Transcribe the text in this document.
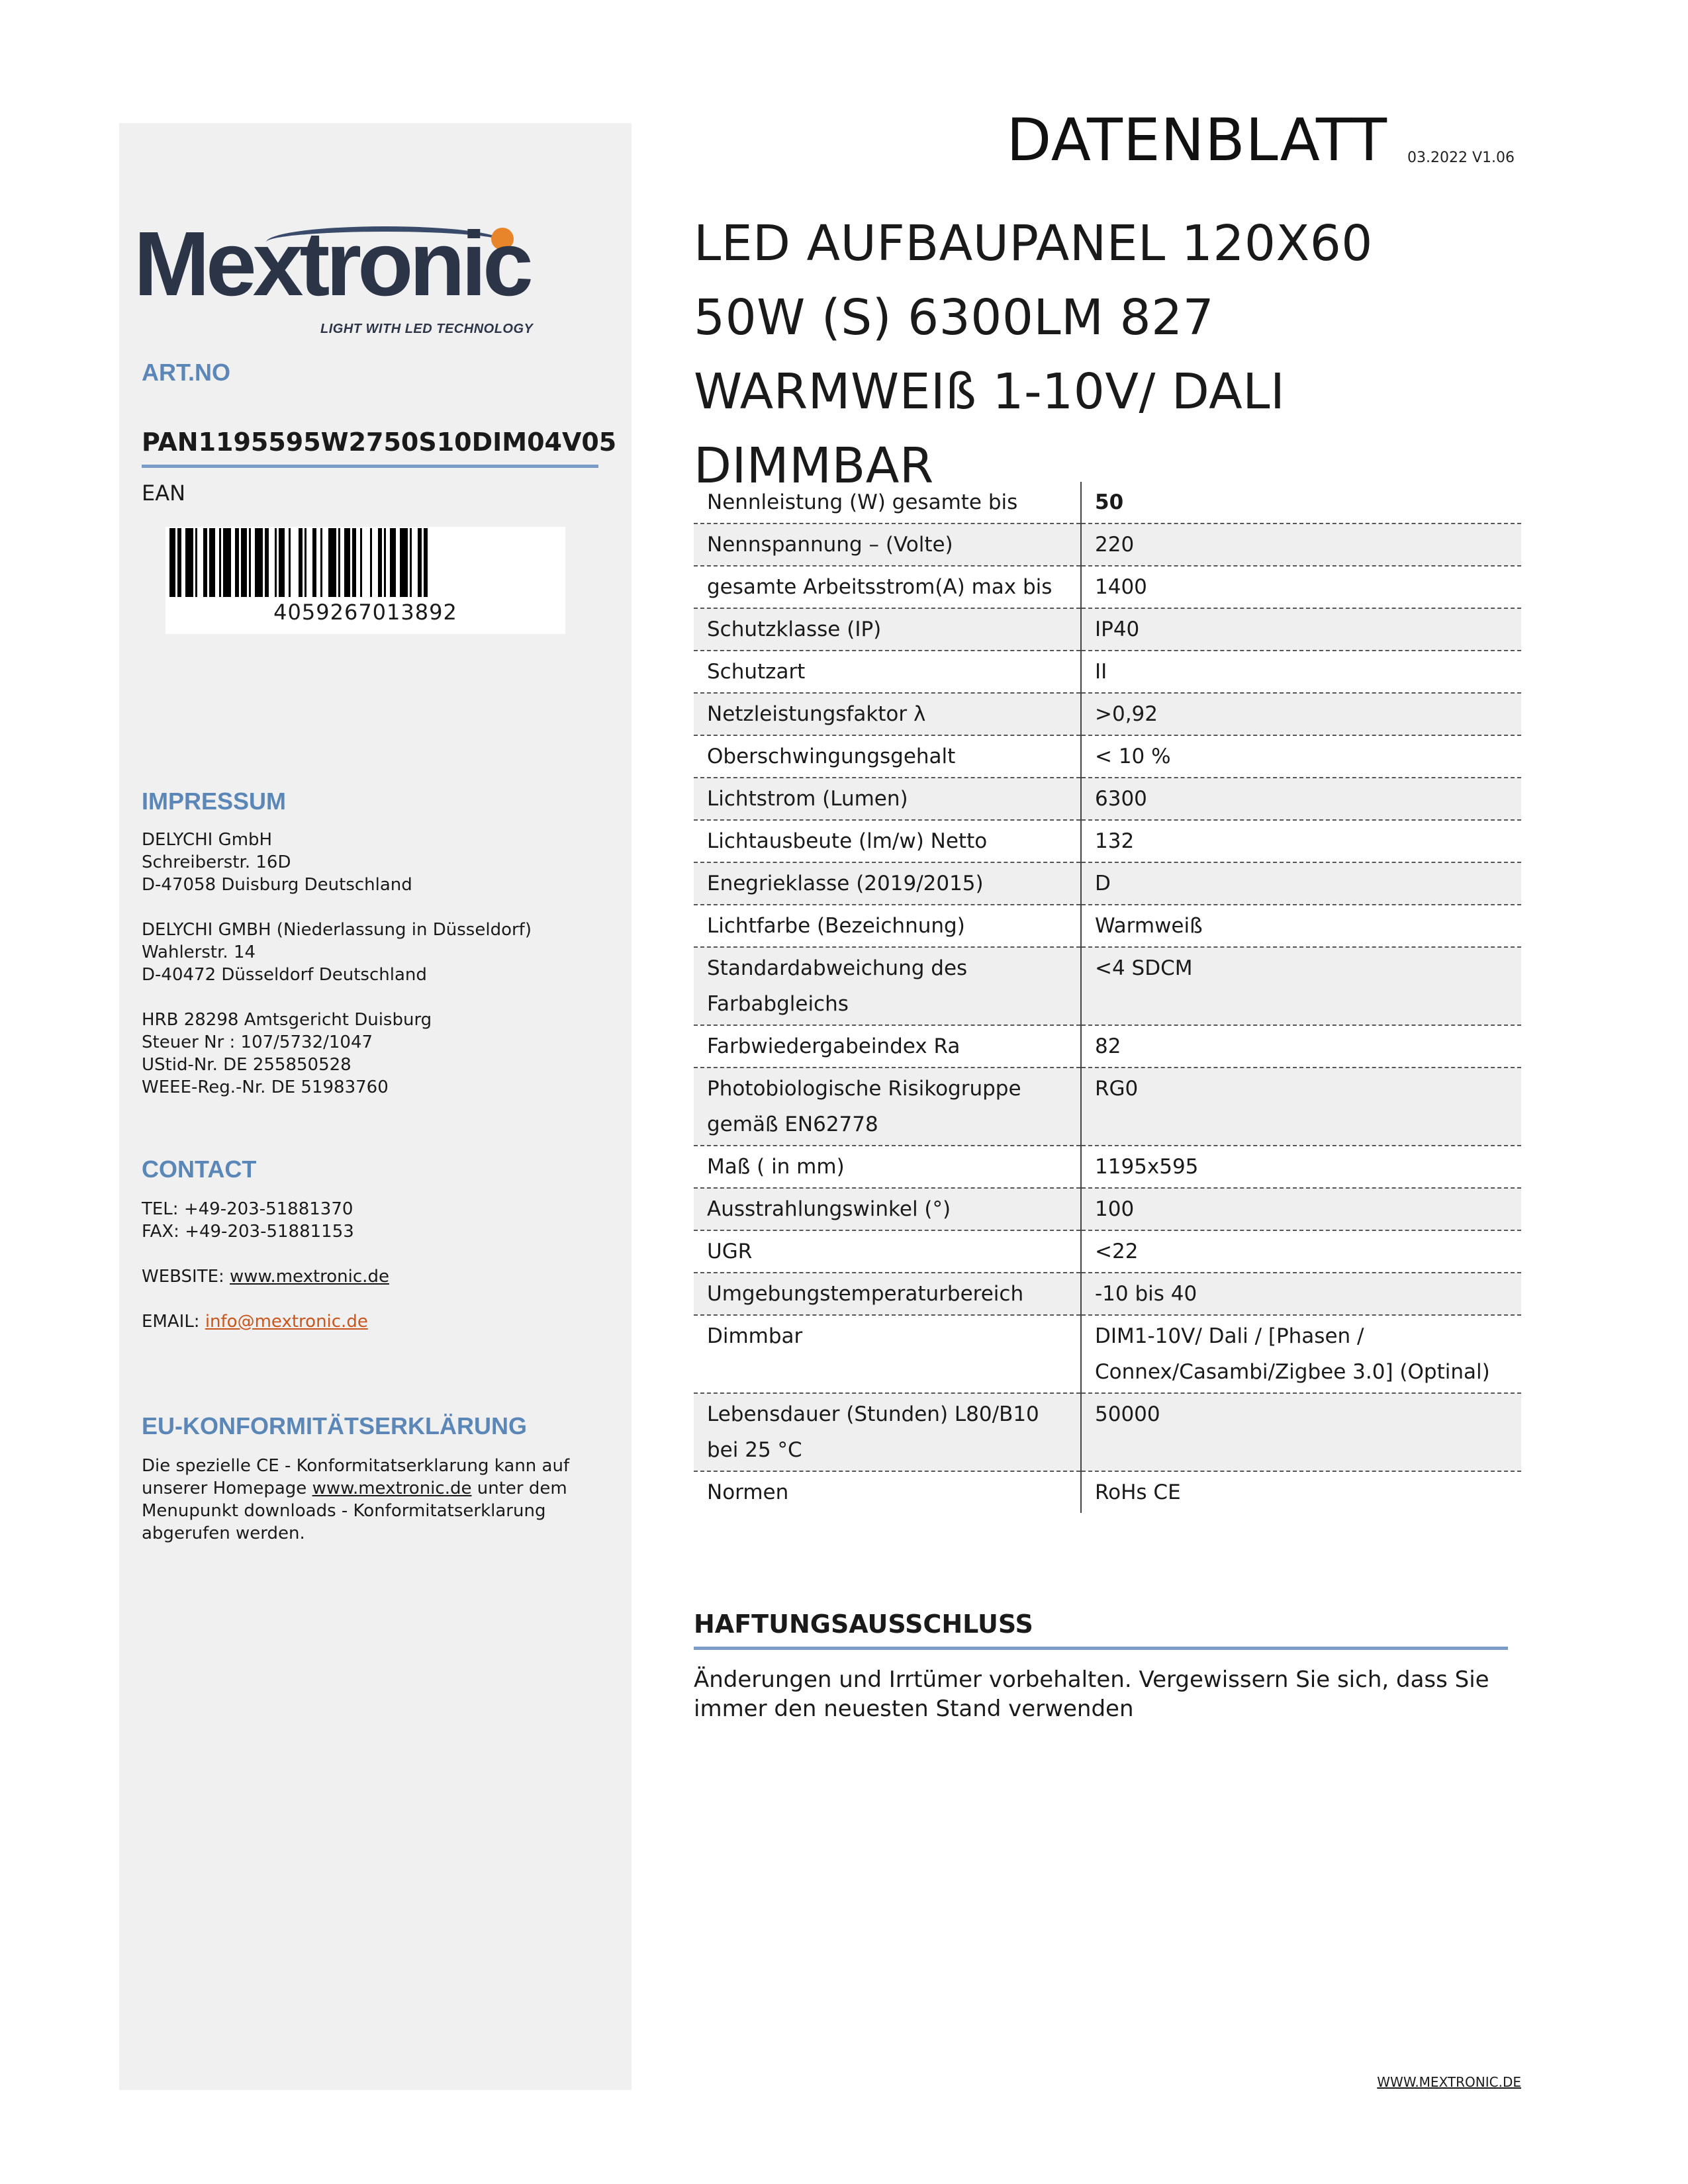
Mextronic
LIGHT WITH LED TECHNOLOGY
ART.NO
PAN1195595W2750S10DIM04V05
EAN
4059267013892
IMPRESSUM

DELYCHI GmbH

Schreiberstr. 16D

D-47058 Duisburg Deutschland

DELYCHI GMBH (Niederlassung in Düsseldorf)

Wahlerstr. 14

D-40472 Düsseldorf Deutschland

HRB 28298 Amtsgericht Duisburg

Steuer Nr : 107/5732/1047

UStid-Nr. DE 255850528

WEEE-Reg.-Nr. DE 51983760

CONTACT

TEL: +49-203-51881370

FAX: +49-203-51881153

WEBSITE: www.mextronic.de

EMAIL: info@mextronic.de

EU-KONFORMITÄTSERKLÄRUNG
Die spezielle CE - Konformitatserklarung kann auf unserer Homepage www.mextronic.de unter dem Menupunkt downloads - Konformitatserklarung abgerufen werden.
DATENBLATT 03.2022 V1.06
LED AUFBAUPANEL 120X60 50W (S) 6300LM 827 WARMWEIß 1-10V/ DALI DIMMBAR
Nennleistung (W) gesamte bis	50
Nennspannung – (Volte)	220
gesamte Arbeitsstrom(A) max bis	1400
Schutzklasse (IP)	IP40
Schutzart	II
Netzleistungsfaktor λ	>0,92
Oberschwingungsgehalt	< 10 %
Lichtstrom (Lumen)	6300
Lichtausbeute (lm/w) Netto	132
Enegrieklasse (2019/2015)	D
Lichtfarbe (Bezeichnung)	Warmweiß
Standardabweichung des Farbabgleichs	<4 SDCM
Farbwiedergabeindex Ra	82
Photobiologische Risikogruppe gemäß EN62778	RG0
Maß ( in mm)	1195x595
Ausstrahlungswinkel (°)	100
UGR	<22
Umgebungstemperaturbereich	-10 bis 40
Dimmbar	DIM1-10V/ Dali / [Phasen / Connex/Casambi/Zigbee 3.0] (Optinal)
Lebensdauer (Stunden) L80/B10 bei 25 °C	50000
Normen	RoHs CE
HAFTUNGSAUSSCHLUSS
Änderungen und Irrtümer vorbehalten. Vergewissern Sie sich, dass Sie immer den neuesten Stand verwenden
WWW.MEXTRONIC.DE
